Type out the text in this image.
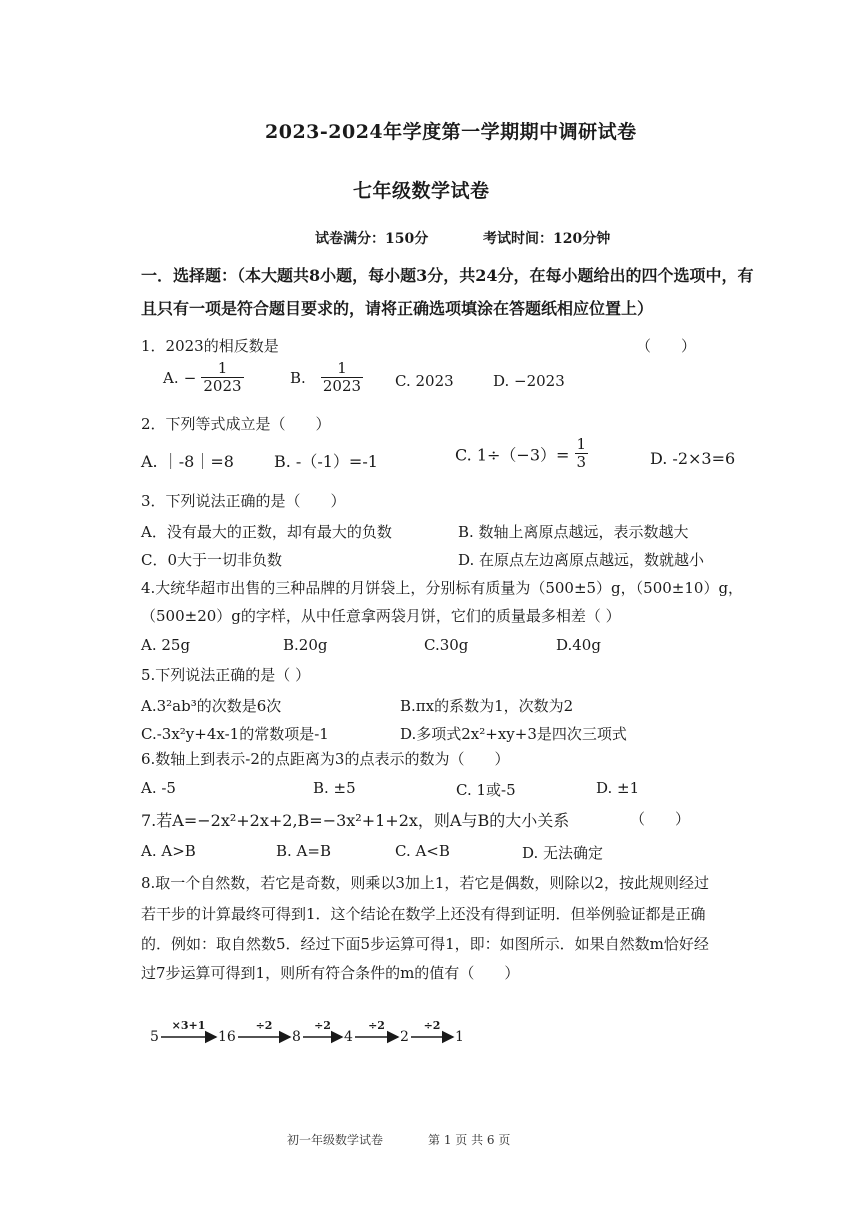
2023-2024年学度第一学期期中调研试卷
七年级数学试卷
试卷满分：150分	考试时间：120分钟
一．选择题：（本大题共8小题，每小题3分，共24分，在每小题给出的四个选项中，有
且只有一项是符合题目要求的，请将正确选项填涂在答题纸相应位置上）
1．2023的相反数是	（　　）
A. − $\frac{1}{2023}$	B. $\frac{1}{2023} C$. 2023	D. −2023
2．下列等式成立是（　　）
A. ｜-8｜=8	B. -（-1）=-1	C. $1\div(-3)= \frac{1}{3}$	D. -2×3=6
3．下列说法正确的是（　　）
A．没有最大的正数，却有最大的负数	B. 数轴上离原点越远，表示数越大
C．0大于一切非负数	D. 在原点左边离原点越远，数就越小
4.大统华超市出售的三种品牌的月饼袋上，分别标有质量为（500±5）g，（500±10）g，
（500±20）g的字样，从中任意拿两袋月饼，它们的质量最多相差（ ）
A. 25g	B.20g	C.30g	D.40g
5.下列说法正确的是（ ）
A.3²ab³的次数是6次	B.πx的系数为1，次数为2
C.-3x²y+4x-1的常数项是-1	D.多项式2x²+xy+3是四次三项式
6.数轴上到表示-2的点距离为3的点表示的数为（　　）
A. -5	B. ±5	C. 1或-5	D. ±1
7.若A=−2x²+2x+2,B=−3x²+1+2x，则A与B的大小关系	（　　）
A. A>B	B. A=B	C. A<B	D. 无法确定
8.取一个自然数，若它是奇数，则乘以3加上1，若它是偶数，则除以2，按此规则经过
若干步的计算最终可得到1．这个结论在数学上还没有得到证明．但举例验证都是正确
的．例如：取自然数5．经过下面5步运算可得1，即：如图所示．如果自然数m恰好经
过7步运算可得到1，则所有符合条件的m的值有（　　）
5	16	8	4	2	1
×3+1	÷2	÷2	÷2	÷2
初一年级数学试卷	第 1 页 共 6 页
